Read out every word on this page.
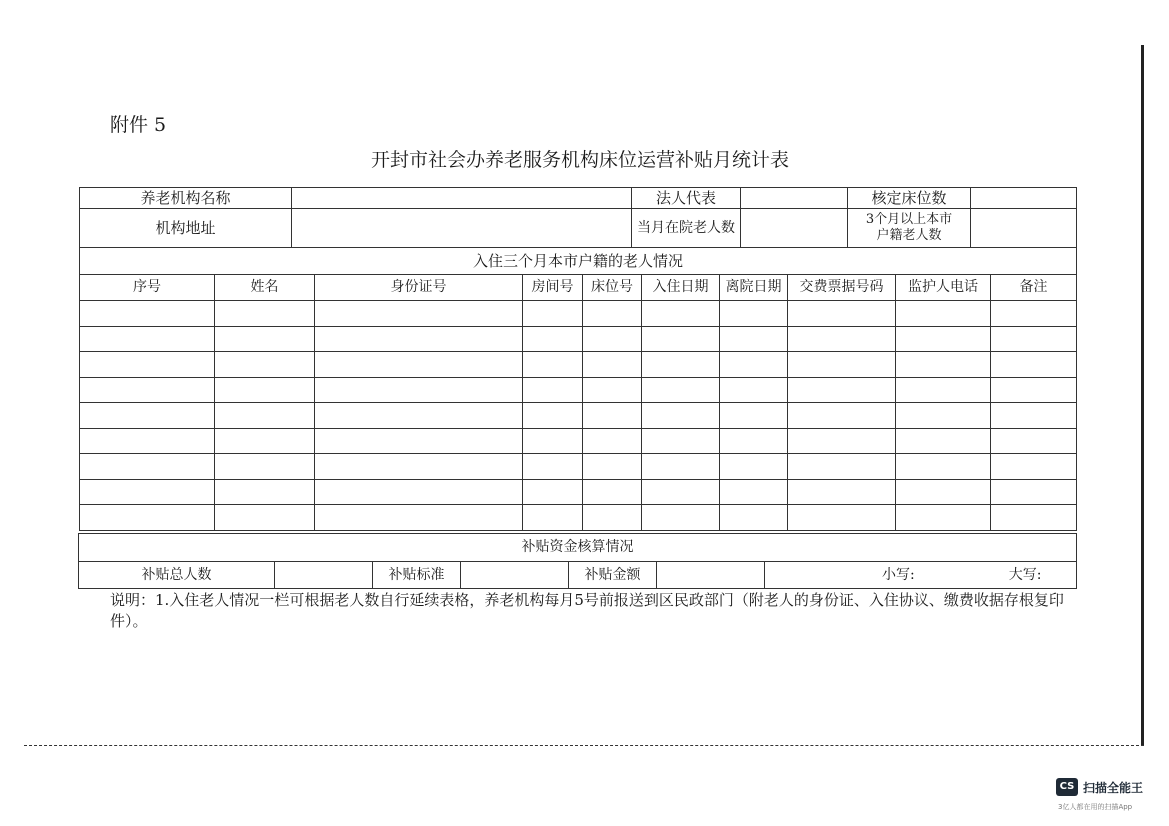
附件 5
开封市社会办养老服务机构床位运营补贴月统计表
养老机构名称		法人代表		核定床位数	
机构地址		当月在院老人数		3个月以上本市
户籍老人数	

入住三个月本市户籍的老人情况					
序号	姓名	身份证号	房间号	床位号	入住日期	离院日期	交费票据号码	监护人电话	备注

补贴资金核算情况
补贴总人数		补贴标准		补贴金额		小写:	大写:
说明：1.入住老人情况一栏可根据老人数自行延续表格，养老机构每月5号前报送到区民政部门（附老人的身份证、入住协议、缴费收据存根复印件）。
CS 扫描全能王
3亿人都在用的扫描App
